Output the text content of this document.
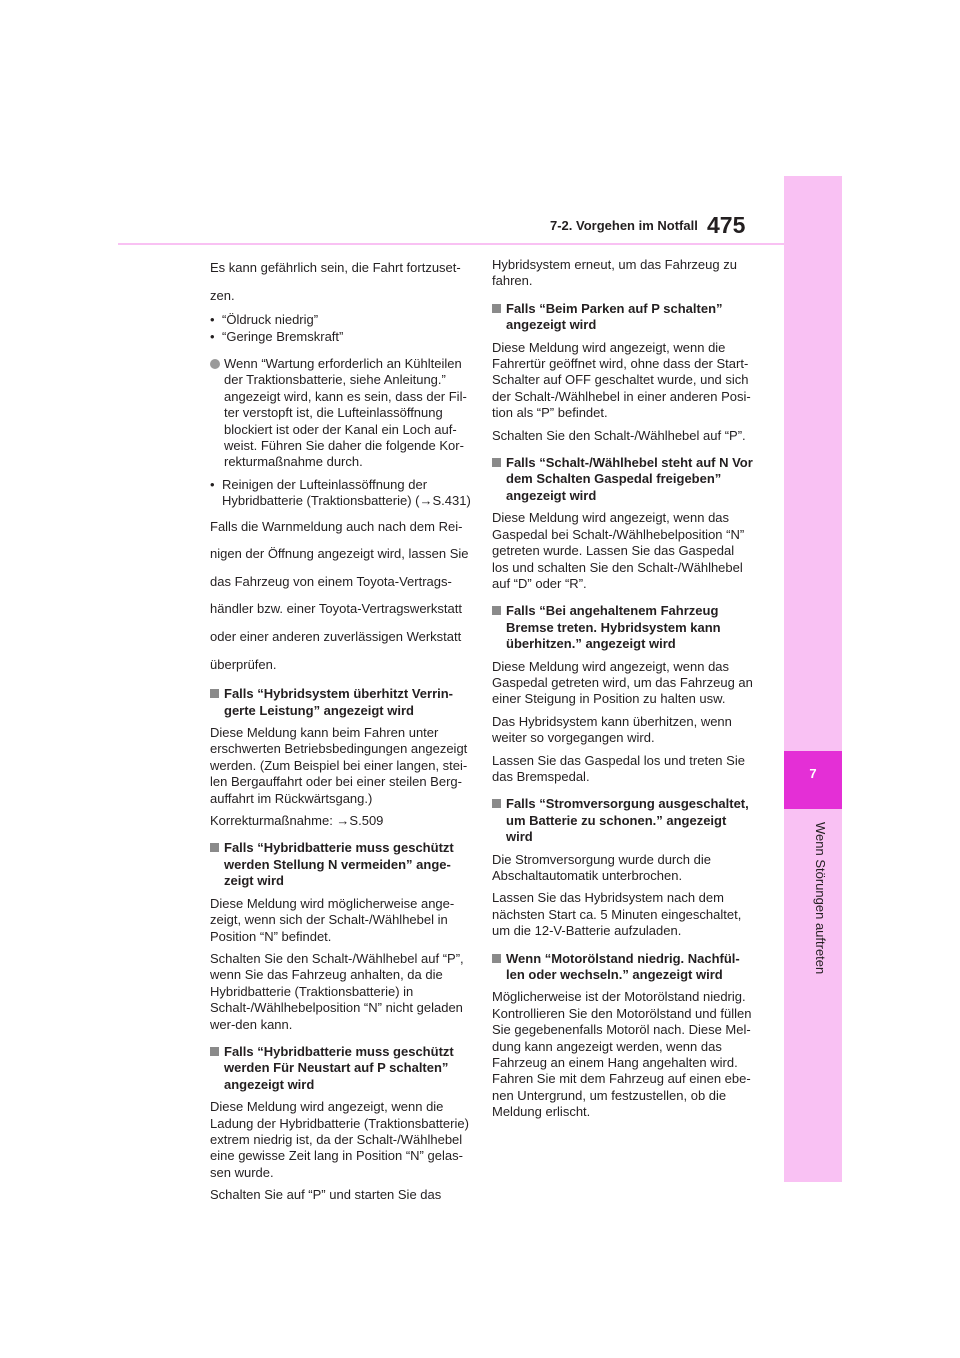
7
Wenn Störungen auftreten
7-2. Vorgehen im Notfall 475

Es kann gefährlich sein, die Fahrt fortzuset-

zen.

• “Öldruck niedrig”
• “Geringe Bremskraft”
Wenn “Wartung erforderlich an Kühlteilen der Traktionsbatterie, siehe Anleitung.” angezeigt wird, kann es sein, dass der Fil-ter verstopft ist, die Lufteinlassöffnung blockiert ist oder der Kanal ein Loch auf-weist. Führen Sie daher die folgende Kor-rekturmaßnahme durch.
• Reinigen der Lufteinlassöffnung der Hybridbatterie (Traktionsbatterie) (→S.431)

Falls die Warnmeldung auch nach dem Rei-

nigen der Öffnung angezeigt wird, lassen Sie

das Fahrzeug von einem Toyota-Vertrags-

händler bzw. einer Toyota-Vertragswerkstatt

oder einer anderen zuverlässigen Werkstatt

überprüfen.

Falls “Hybridsystem überhitzt Verrin-gerte Leistung” angezeigt wird

Diese Meldung kann beim Fahren unter erschwerten Betriebsbedingungen angezeigt werden. (Zum Beispiel bei einer langen, stei-len Bergauffahrt oder bei einer steilen Berg-auffahrt im Rückwärtsgang.)

Korrekturmaßnahme: →S.509

Falls “Hybridbatterie muss geschützt werden Stellung N vermeiden” ange-zeigt wird

Diese Meldung wird möglicherweise ange-zeigt, wenn sich der Schalt-/Wählhebel in Position “N” befindet.

Schalten Sie den Schalt-/Wählhebel auf “P”, wenn Sie das Fahrzeug anhalten, da die Hybridbatterie (Traktionsbatterie) in Schalt-/Wählhebelposition “N” nicht geladen wer-den kann.

Falls “Hybridbatterie muss geschützt werden Für Neustart auf P schalten” angezeigt wird

Diese Meldung wird angezeigt, wenn die Ladung der Hybridbatterie (Traktionsbatterie) extrem niedrig ist, da der Schalt-/Wählhebel eine gewisse Zeit lang in Position “N” gelas-sen wurde.

Schalten Sie auf “P” und starten Sie das

Hybridsystem erneut, um das Fahrzeug zu fahren.

Falls “Beim Parken auf P schalten” angezeigt wird

Diese Meldung wird angezeigt, wenn die Fahrertür geöffnet wird, ohne dass der Start-Schalter auf OFF geschaltet wurde, und sich der Schalt-/Wählhebel in einer anderen Posi-tion als “P” befindet.

Schalten Sie den Schalt-/Wählhebel auf “P”.

Falls “Schalt-/Wählhebel steht auf N Vor dem Schalten Gaspedal freigeben” angezeigt wird

Diese Meldung wird angezeigt, wenn das Gaspedal bei Schalt-/Wählhebelposition “N” getreten wurde. Lassen Sie das Gaspedal los und schalten Sie den Schalt-/Wählhebel auf “D” oder “R”.

Falls “Bei angehaltenem Fahrzeug Bremse treten. Hybridsystem kann überhitzen.” angezeigt wird

Diese Meldung wird angezeigt, wenn das Gaspedal getreten wird, um das Fahrzeug an einer Steigung in Position zu halten usw.

Das Hybridsystem kann überhitzen, wenn weiter so vorgegangen wird.

Lassen Sie das Gaspedal los und treten Sie das Bremspedal.

Falls “Stromversorgung ausgeschaltet, um Batterie zu schonen.” angezeigt wird

Die Stromversorgung wurde durch die Abschaltautomatik unterbrochen.

Lassen Sie das Hybridsystem nach dem nächsten Start ca. 5 Minuten eingeschaltet, um die 12-V-Batterie aufzuladen.

Wenn “Motorölstand niedrig. Nachfül-len oder wechseln.” angezeigt wird

Möglicherweise ist der Motorölstand niedrig. Kontrollieren Sie den Motorölstand und füllen Sie gegebenenfalls Motoröl nach. Diese Mel-dung kann angezeigt werden, wenn das Fahrzeug an einem Hang angehalten wird. Fahren Sie mit dem Fahrzeug auf einen ebe-nen Untergrund, um festzustellen, ob die Meldung erlischt.
